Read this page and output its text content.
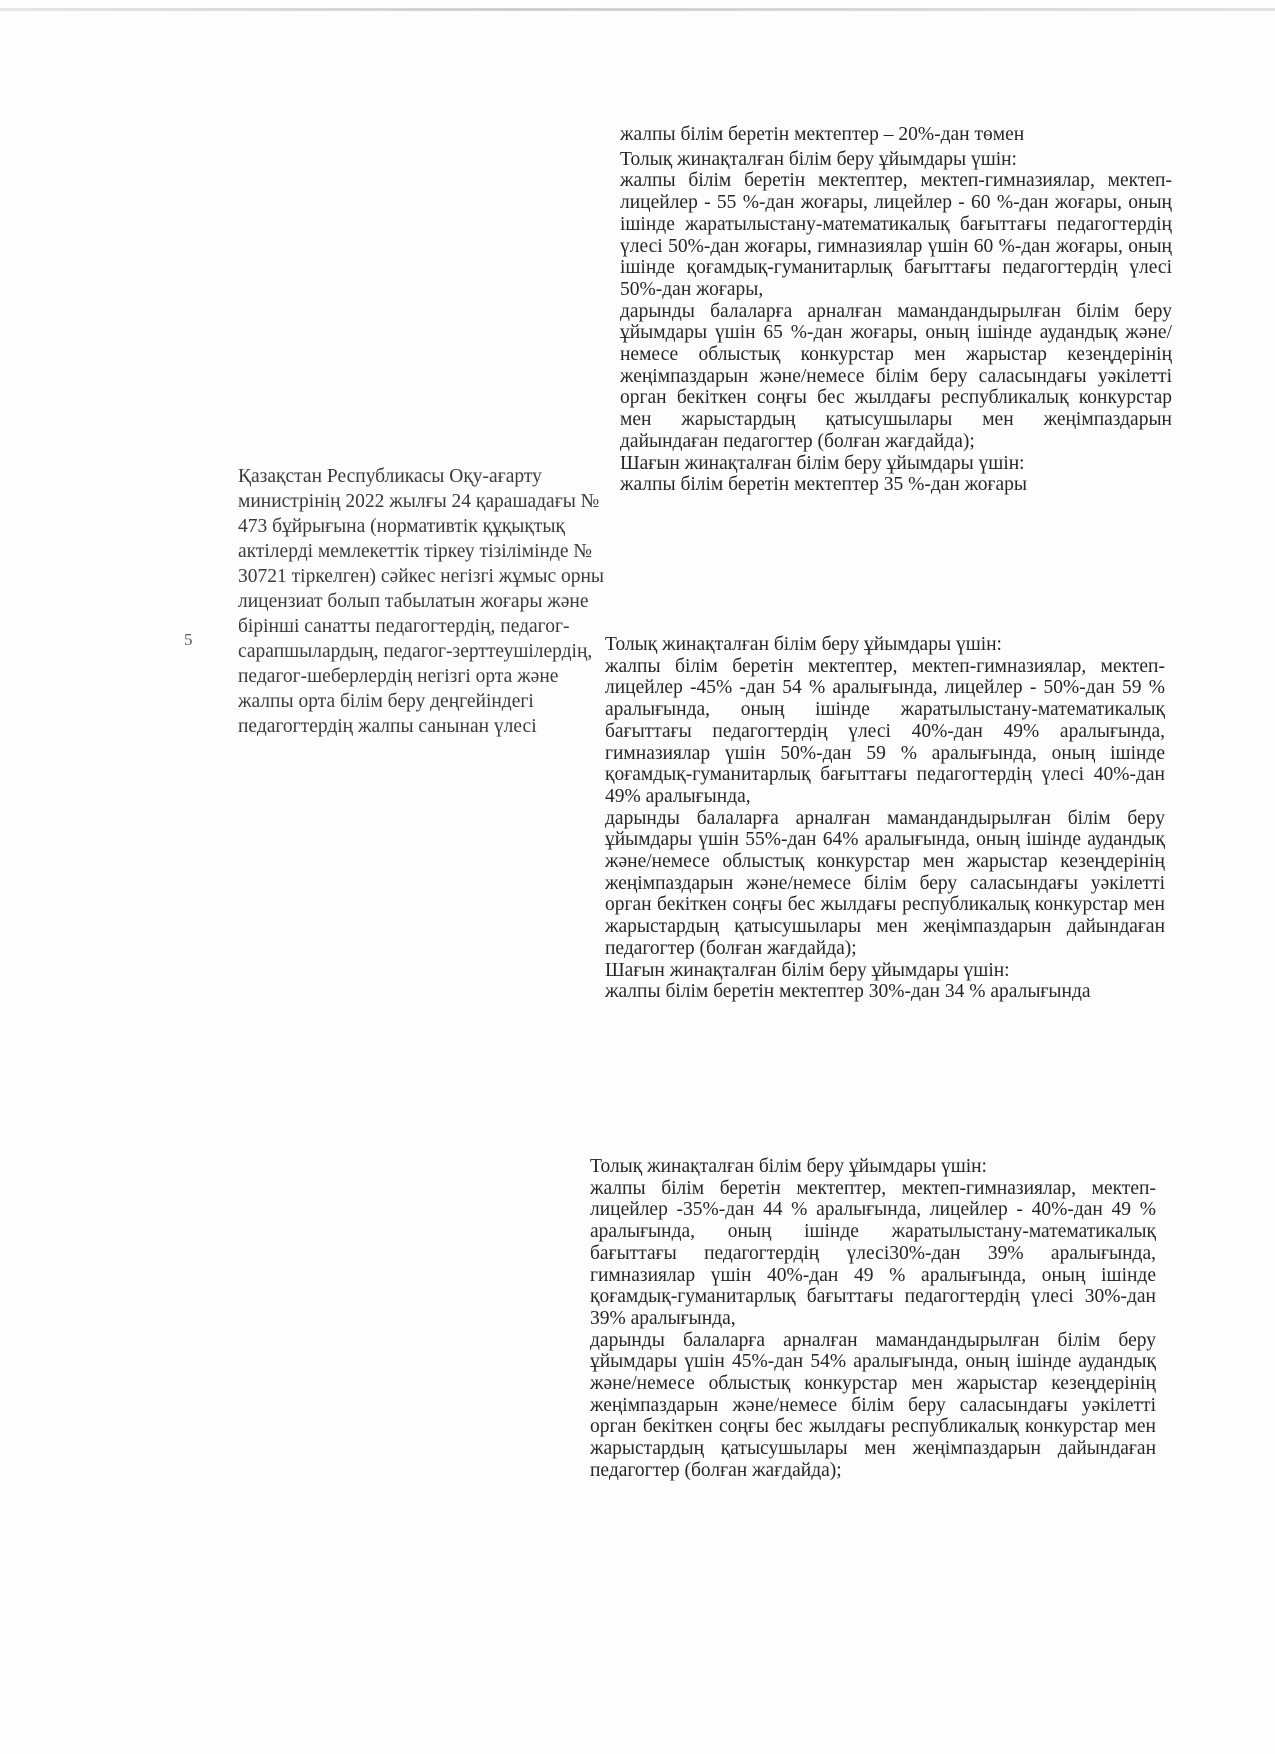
5
Қазақстан Республикасы Оқу-ағарту министрінің 2022 жылғы 24 қарашадағы № 473 бұйрығына (нормативтік құқықтық актілерді мемлекеттік тіркеу тізілімінде № 30721 тіркелген) сәйкес негізгі жұмыс орны лицензиат болып табылатын жоғары және бірінші санатты педагогтердің, педагог-сарапшылардың, педагог-зерттеушілердің, педагог-шеберлердің негізгі орта және жалпы орта білім беру деңгейіндегі педагогтердің жалпы санынан үлесі

жалпы білім беретін мектептер – 20%-дан төмен

Толық жинақталған білім беру ұйымдары үшін:

жалпы білім беретін мектептер, мектеп-гимназиялар, мектеп-лицейлер - 55 %-дан жоғары, лицейлер - 60 %-дан жоғары, оның ішінде жаратылыстану-математикалық бағыттағы педагогтердің үлесі 50%-дан жоғары, гимназиялар үшін 60 %-дан жоғары, оның ішінде қоғамдық-гуманитарлық бағыттағы педагогтердің үлесі 50%-дан жоғары,

дарынды балаларға арналған мамандандырылған білім беру ұйымдары үшін 65 %-дан жоғары, оның ішінде аудандық және/немесе облыстық конкурстар мен жарыстар кезеңдерінің жеңімпаздарын және/немесе білім беру саласындағы уәкілетті орган бекіткен соңғы бес жылдағы республикалық конкурстар мен жарыстардың қатысушылары мен жеңімпаздарын дайындаған педагогтер (болған жағдайда);

Шағын жинақталған білім беру ұйымдары үшін:

жалпы білім беретін мектептер 35 %-дан жоғары

Толық жинақталған білім беру ұйымдары үшін:

жалпы білім беретін мектептер, мектеп-гимназиялар, мектеп-лицейлер -45% -дан 54 % аралығында, лицейлер - 50%-дан 59 % аралығында, оның ішінде жаратылыстану-математикалық бағыттағы педагогтердің үлесі 40%-дан 49% аралығында, гимназиялар үшін 50%-дан 59 % аралығында, оның ішінде қоғамдық-гуманитарлық бағыттағы педагогтердің үлесі 40%-дан 49% аралығында,

дарынды балаларға арналған мамандандырылған білім беру ұйымдары үшін 55%-дан 64% аралығында, оның ішінде аудандық және/немесе облыстық конкурстар мен жарыстар кезеңдерінің жеңімпаздарын және/немесе білім беру саласындағы уәкілетті орган бекіткен соңғы бес жылдағы республикалық конкурстар мен жарыстардың қатысушылары мен жеңімпаздарын дайындаған педагогтер (болған жағдайда);

Шағын жинақталған білім беру ұйымдары үшін:

жалпы білім беретін мектептер 30%-дан 34 % аралығында

Толық жинақталған білім беру ұйымдары үшін:

жалпы білім беретін мектептер, мектеп-гимназиялар, мектеп-лицейлер -35%-дан 44 % аралығында, лицейлер - 40%-дан 49 % аралығында, оның ішінде жаратылыстану-математикалық бағыттағы педагогтердің үлесі30%-дан 39% аралығында, гимназиялар үшін 40%-дан 49 % аралығында, оның ішінде қоғамдық-гуманитарлық бағыттағы педагогтердің үлесі 30%-дан 39% аралығында,

дарынды балаларға арналған мамандандырылған білім беру ұйымдары үшін 45%-дан 54% аралығында, оның ішінде аудандық және/немесе облыстық конкурстар мен жарыстар кезеңдерінің жеңімпаздарын және/немесе білім беру саласындағы уәкілетті орган бекіткен соңғы бес жылдағы республикалық конкурстар мен жарыстардың қатысушылары мен жеңімпаздарын дайындаған педагогтер (болған жағдайда);
